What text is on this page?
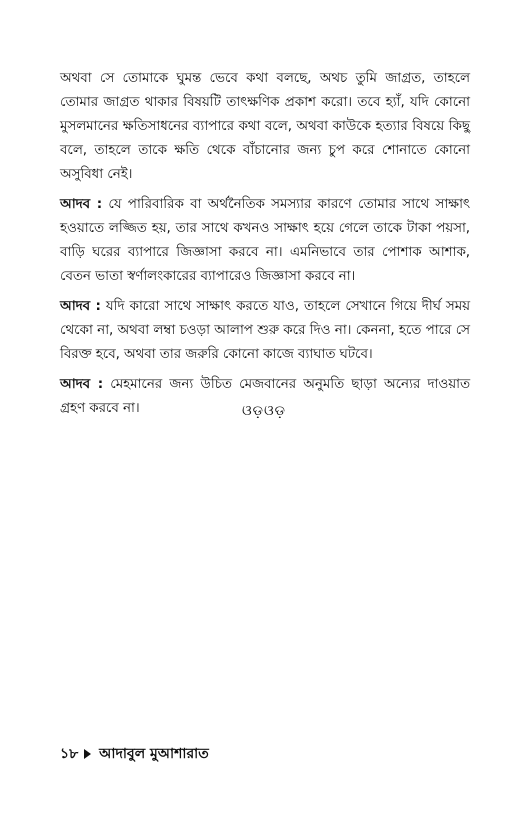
অথবা সে তোমাকে ঘুমন্ত ভেবে কথা বলছে, অথচ তুমি জাগ্রত, তাহলে তোমার জাগ্রত থাকার বিষয়টি তাৎক্ষণিক প্রকাশ করো। তবে হ্যাঁ, যদি কোনো মুসলমানের ক্ষতিসাধনের ব্যাপারে কথা বলে, অথবা কাউকে হত্যার বিষয়ে কিছু বলে, তাহলে তাকে ক্ষতি থেকে বাঁচানোর জন্য চুপ করে শোনাতে কোনো অসুবিধা নেই।

আদব : যে পারিবারিক বা অর্থনৈতিক সমস্যার কারণে তোমার সাথে সাক্ষাৎ হওয়াতে লজ্জিত হয়, তার সাথে কখনও সাক্ষাৎ হয়ে গেলে তাকে টাকা পয়সা, বাড়ি ঘরের ব্যাপারে জিজ্ঞাসা করবে না। এমনিভাবে তার পোশাক আশাক, বেতন ভাতা স্বর্ণালংকারের ব্যাপারেও জিজ্ঞাসা করবে না।

আদব : যদি কারো সাথে সাক্ষাৎ করতে যাও, তাহলে সেখানে গিয়ে দীর্ঘ সময় থেকো না, অথবা লম্বা চওড়া আলাপ শুরু করে দিও না। কেননা, হতে পারে সে বিরক্ত হবে, অথবা তার জরুরি কোনো কাজে ব্যাঘাত ঘটবে।

আদব : মেহমানের জন্য উচিত মেজবানের অনুমতি ছাড়া অন্যের দাওয়াত গ্রহণ করবে না।	ଓଡ଼ଓଡ଼
১৮ আদাবুল মুআশারাত
